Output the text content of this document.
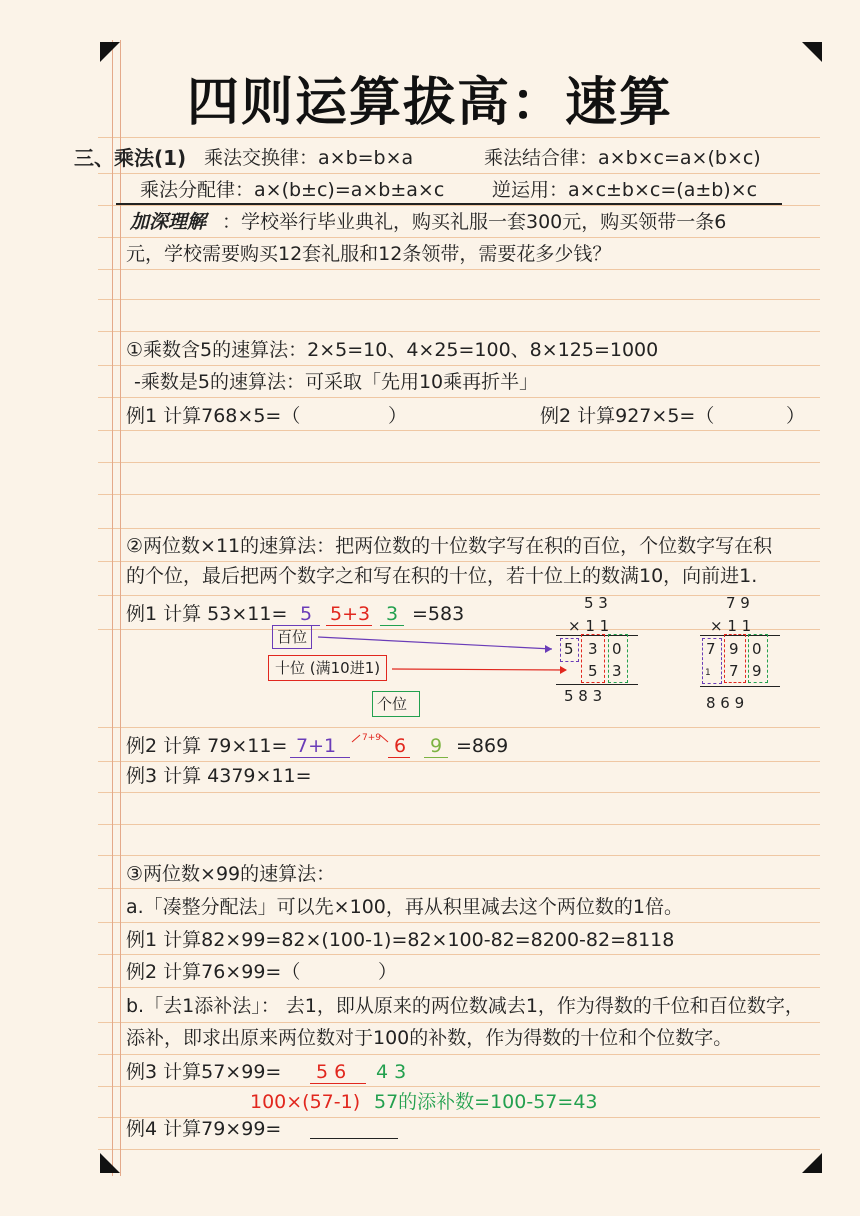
四则运算拔高：速算
三、乘法(1) 乘法交换律：a×b=b×a	乘法结合律：a×b×c=a×(b×c)
乘法分配律：a×(b±c)=a×b±a×c	逆运用：a×c±b×c=(a±b)×c
加深理解 ：学校举行毕业典礼，购买礼服一套300元，购买领带一条6
元，学校需要购买12套礼服和12条领带，需要花多少钱？
①乘数含5的速算法：2×5=10、4×25=100、8×125=1000
-乘数是5的速算法：可采取「先用10乘再折半」
例1 计算768×5=（	）	例2 计算927×5=（	）
②两位数×11的速算法：把两位数的十位数字写在积的百位，个位数字写在积
的个位，最后把两个数字之和写在积的十位，若十位上的数满10，向前进1.
例1 计算 53×11= 5 5+3 3 =583
百位
十位 (满10进1)
个位
5 3
× 1 1
5 3 0
5 3
5 8 3
7 9
× 1 1
7 9 0
1 7 9
8 6 9
例2 计算 79×11= 7+1	7+9 6 9 =869
例3 计算 4379×11=
③两位数×99的速算法：
a.「凑整分配法」可以先×100，再从积里减去这个两位数的1倍。
例1 计算82×99=82×(100-1)=82×100-82=8200-82=8118
例2 计算76×99=（	）
b.「去1添补法」： 去1，即从原来的两位数减去1，作为得数的千位和百位数字，
添补，即求出原来两位数对于100的补数，作为得数的十位和个位数字。
例3 计算57×99= 5 6 4 3
100×(57-1) 57的添补数=100-57=43
例4 计算79×99=
